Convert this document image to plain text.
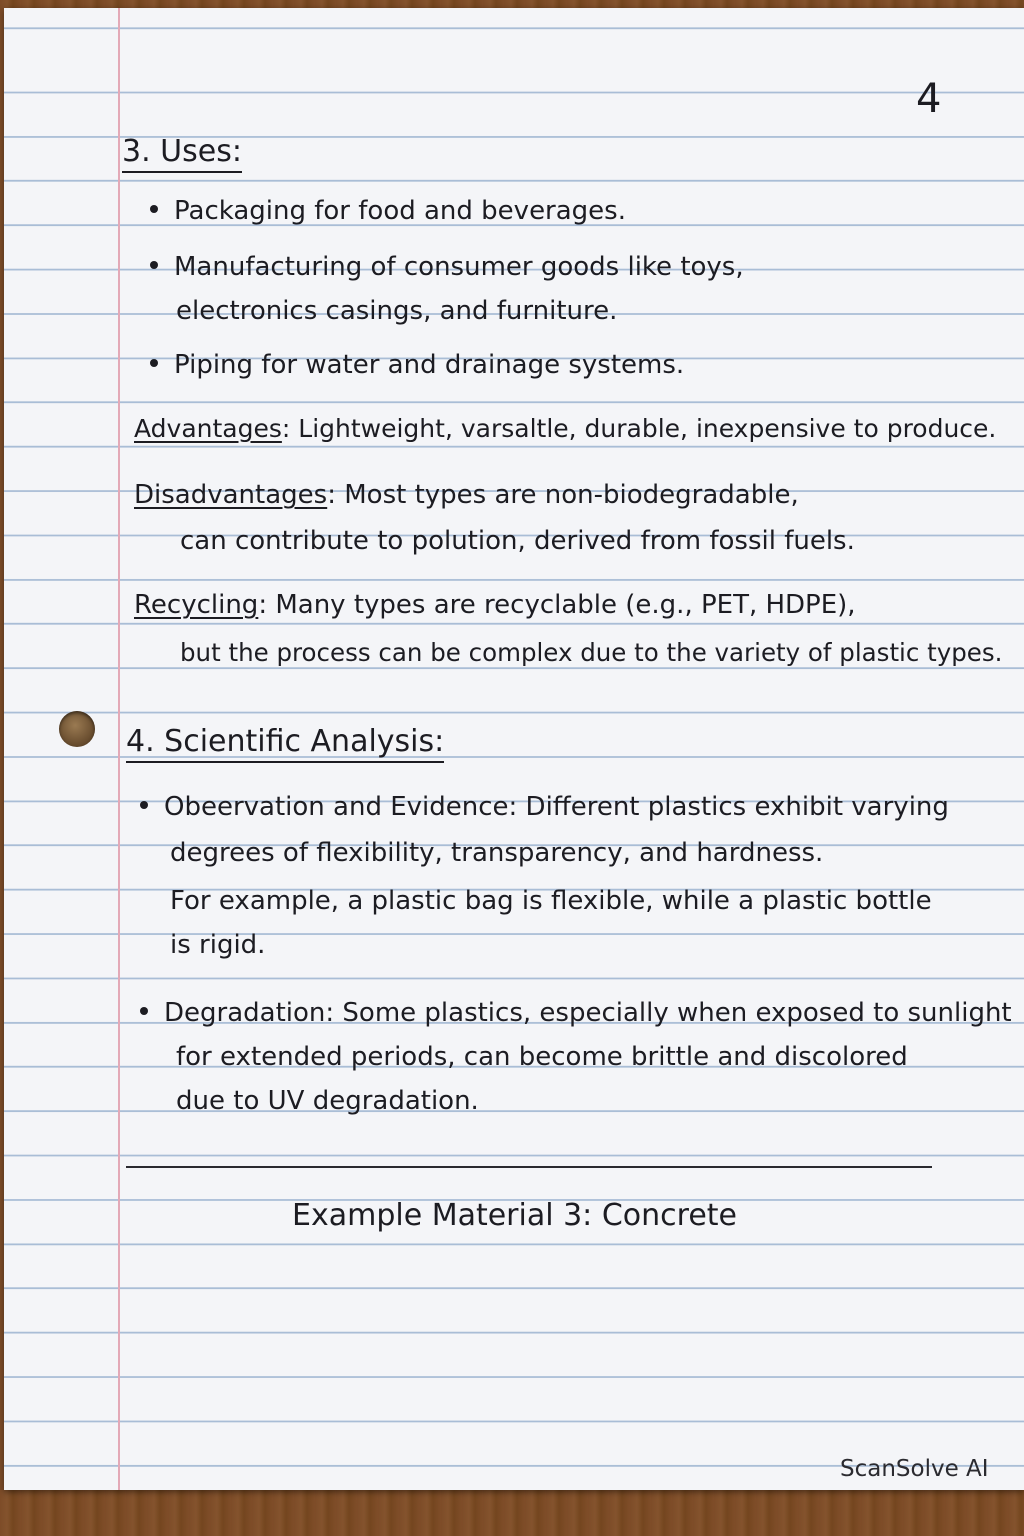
4
3. Uses:
Packaging for food and beverages.
Manufacturing of consumer goods like toys,
electronics casings, and furniture.
Piping for water and drainage systems.
Advantages: Lightweight, varsaltle, durable, inexpensive to produce.
Disadvantages: Most types are non-biodegradable,
can contribute to polution, derived from fossil fuels.
Recycling: Many types are recyclable (e.g., PET, HDPE),
but the process can be complex due to the variety of plastic types.
4. Scientific Analysis:
Obeervation and Evidence: Different plastics exhibit varying
degrees of flexibility, transparency, and hardness.
For example, a plastic bag is flexible, while a plastic bottle
is rigid.
Degradation: Some plastics, especially when exposed to sunlight
for extended periods, can become brittle and discolored
due to UV degradation.
Example Material 3: Concrete
ScanSolve AI
